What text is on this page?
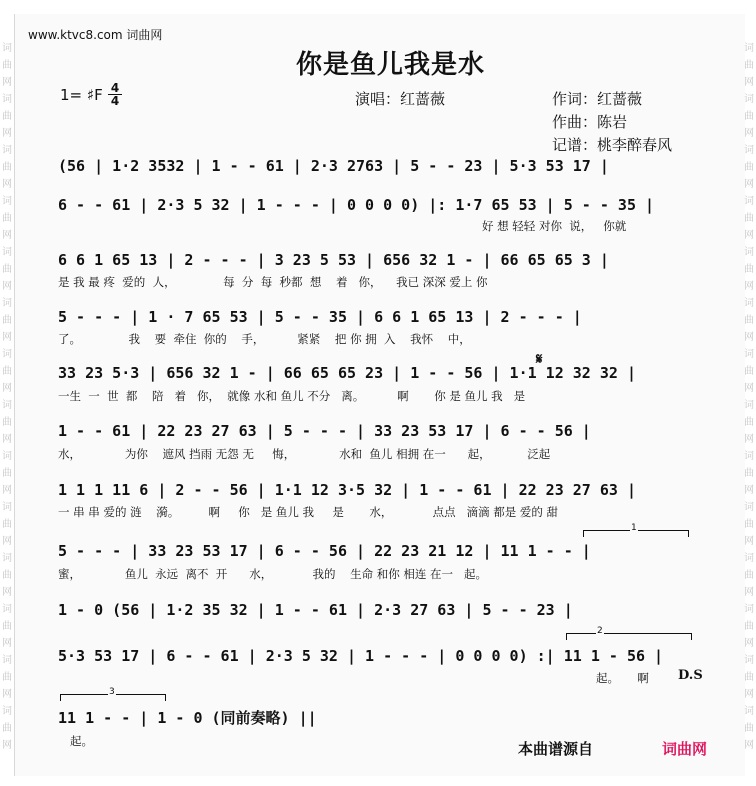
词
曲
网
词
曲
网
词
曲
网
词
曲
网
词
曲
网
词
曲
网
词
曲
网
词
曲
网
词
曲
网
词
曲
网
词
曲
网
词
曲
网
词
曲
网
词
曲
网
词
曲
网
词
曲
网
词
曲
网
词
曲
网
词
曲
网
词
曲
网
词
曲
网
词
曲
网
词
曲
网
词
曲
网
词
曲
网
词
曲
网
词
曲
网
词
曲
网
www.ktvc8.com 词曲网
你是鱼儿我是水
1= ♯F 4
4	演唱：红蔷薇	作词：红蔷薇
作曲：陈岩
记谱：桃李醉春风
(56 | 1·2 3532 | 1 - - 61 | 2·3 2763 | 5 - - 23 | 5·3 53 17 |
6 - - 61 | 2·3 5 32 | 1 - - - | 0 0 0 0) |: 1·7 65 53 | 5 - - 35 |
好 想 轻轻 对你  说，   你就
6 6 1 65 13 | 2 - - - | 3 23 5 53 | 656 32 1 - | 66 65 65 3 |
是 我 最 疼  爱的  人，             每  分  每  秒都  想    着   你，    我已 深深 爱上 你
5 - - - | 1 · 7 65 53 | 5 - - 35 | 6 6 1 65 13 | 2 - - - |
了。             我    要  牵住  你的    手，         紧紧    把 你 拥  入    我怀    中，
33 23 5·3 | 656 32 1 - | 66 65 65 23 | 1 - - 56 | 1·1 12 32 32 |
一生  一  世  都    陪   着   你，  就像 水和 鱼儿 不分   离。         啊       你 是 鱼儿 我   是
𝄋
1 - - 61 | 22 23 27 63 | 5 - - - | 33 23 53 17 | 6 - - 56 |
水，            为你    遮风 挡雨 无怨 无     悔，            水和  鱼儿 相拥 在一      起，          泛起
1 1 1 11 6 | 2 - - 56 | 1·1 12 3·5 32 | 1 - - 61 | 22 23 27 63 |
一 串 串 爱的 涟    漪。        啊     你   是 鱼儿 我     是       水，           点点   滴滴 都是 爱的 甜
1
5 - - - | 33 23 53 17 | 6 - - 56 | 22 23 21 12 | 11 1 - - |
蜜，            鱼儿  永远  离不  开      水，           我的    生命 和你 相连 在一   起。
1 - 0 (56 | 1·2 35 32 | 1 - - 61 | 2·3 27 63 | 5 - - 23 |
2
5·3 53 17 | 6 - - 61 | 2·3 5 32 | 1 - - - | 0 0 0 0) :| 11 1 - 56 |
起。     啊 D.S
3
11 1 - - | 1 - 0 (同前奏略) ||
起。	本曲谱源自	词曲网
